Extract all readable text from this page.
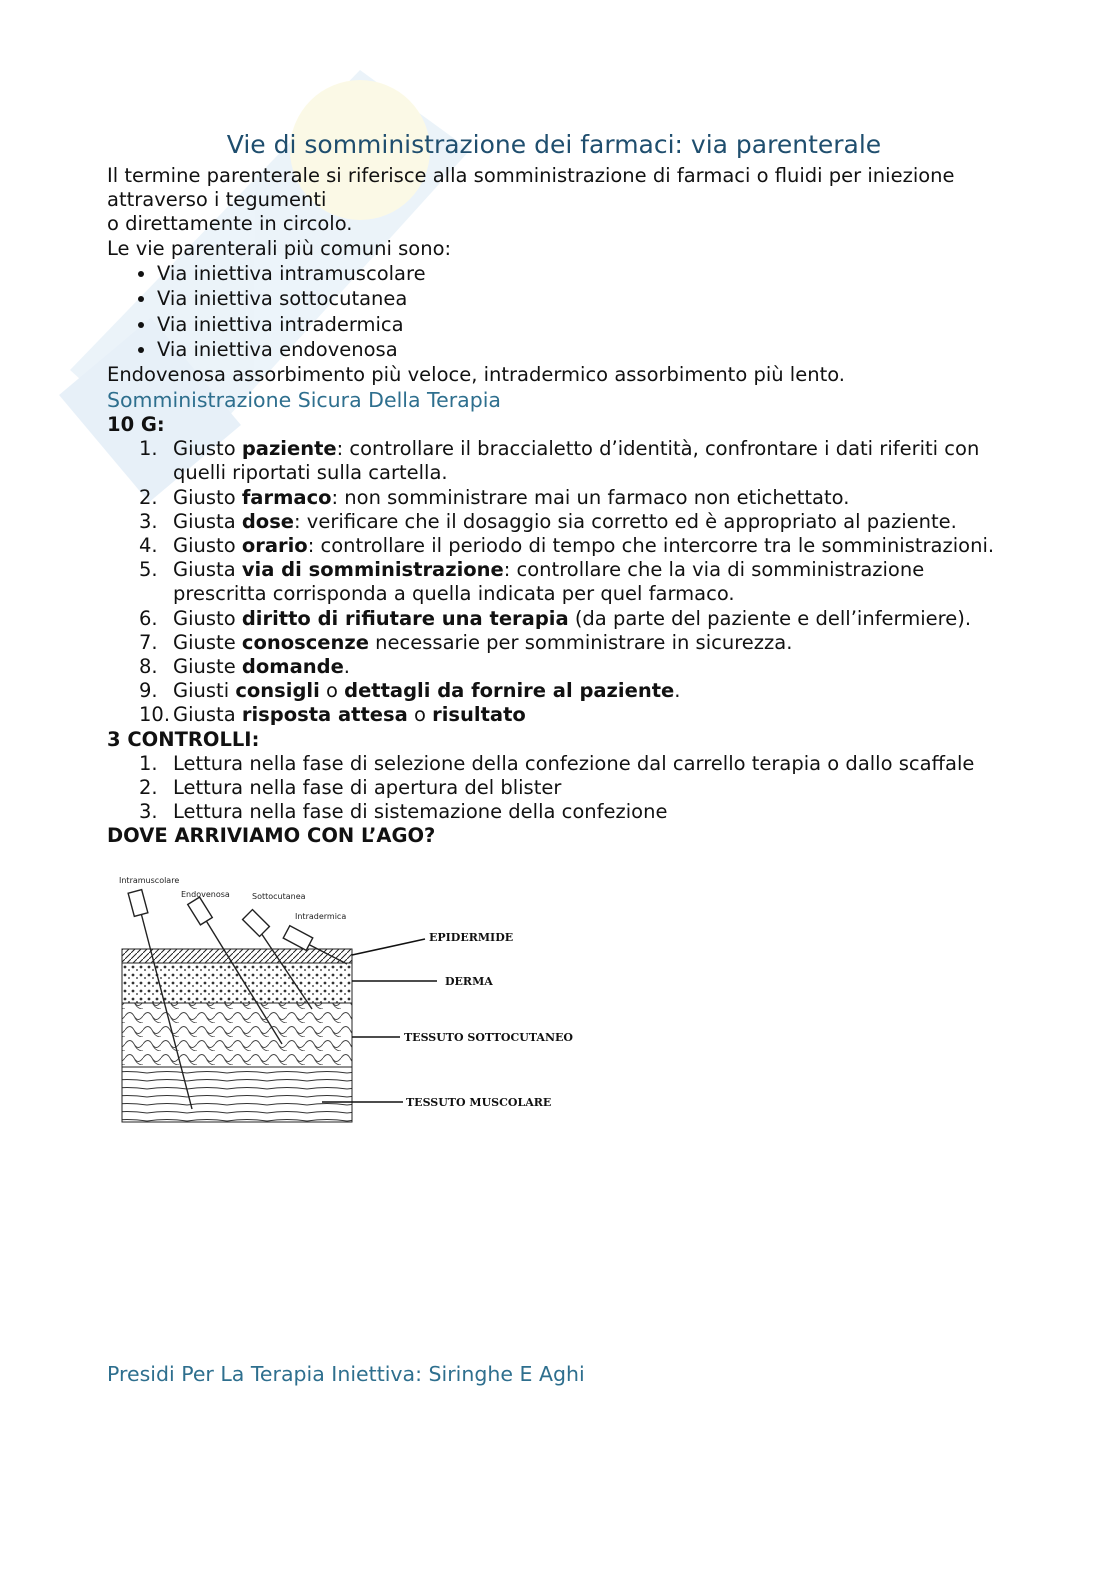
Vie di somministrazione dei farmaci: via parenterale

Il termine parenterale si riferisce alla somministrazione di farmaci o fluidi per iniezione attraverso i tegumenti

o direttamente in circolo.

Le vie parenterali più comuni sono:

• Via iniettiva intramuscolare
• Via iniettiva sottocutanea
• Via iniettiva intradermica
• Via iniettiva endovenosa

Endovenosa assorbimento più veloce, intradermico assorbimento più lento.

Somministrazione Sicura Della Terapia

10 G:

1. Giusto paziente: controllare il braccialetto d’identità, confrontare i dati riferiti con quelli riportati sulla cartella.
2. Giusto farmaco: non somministrare mai un farmaco non etichettato.
3. Giusta dose: verificare che il dosaggio sia corretto ed è appropriato al paziente.
4. Giusto orario: controllare il periodo di tempo che intercorre tra le somministrazioni.
5. Giusta via di somministrazione: controllare che la via di somministrazione prescritta corrisponda a quella indicata per quel farmaco.
6. Giusto diritto di rifiutare una terapia (da parte del paziente e dell’infermiere).
7. Giuste conoscenze necessarie per somministrare in sicurezza.
8. Giuste domande.
9. Giusti consigli o dettagli da fornire al paziente.
10. Giusta risposta attesa o risultato

3 CONTROLLI:

1. Lettura nella fase di selezione della confezione dal carrello terapia o dallo scaffale
2. Lettura nella fase di apertura del blister
3. Lettura nella fase di sistemazione della confezione

DOVE ARRIVIAMO CON L’AGO?

Intramuscolare
Endovenosa	Sottocutanea
Intradermica
EPIDERMIDE
DERMA
TESSUTO SOTTOCUTANEO
TESSUTO MUSCOLARE
Presidi Per La Terapia Iniettiva: Siringhe E Aghi
